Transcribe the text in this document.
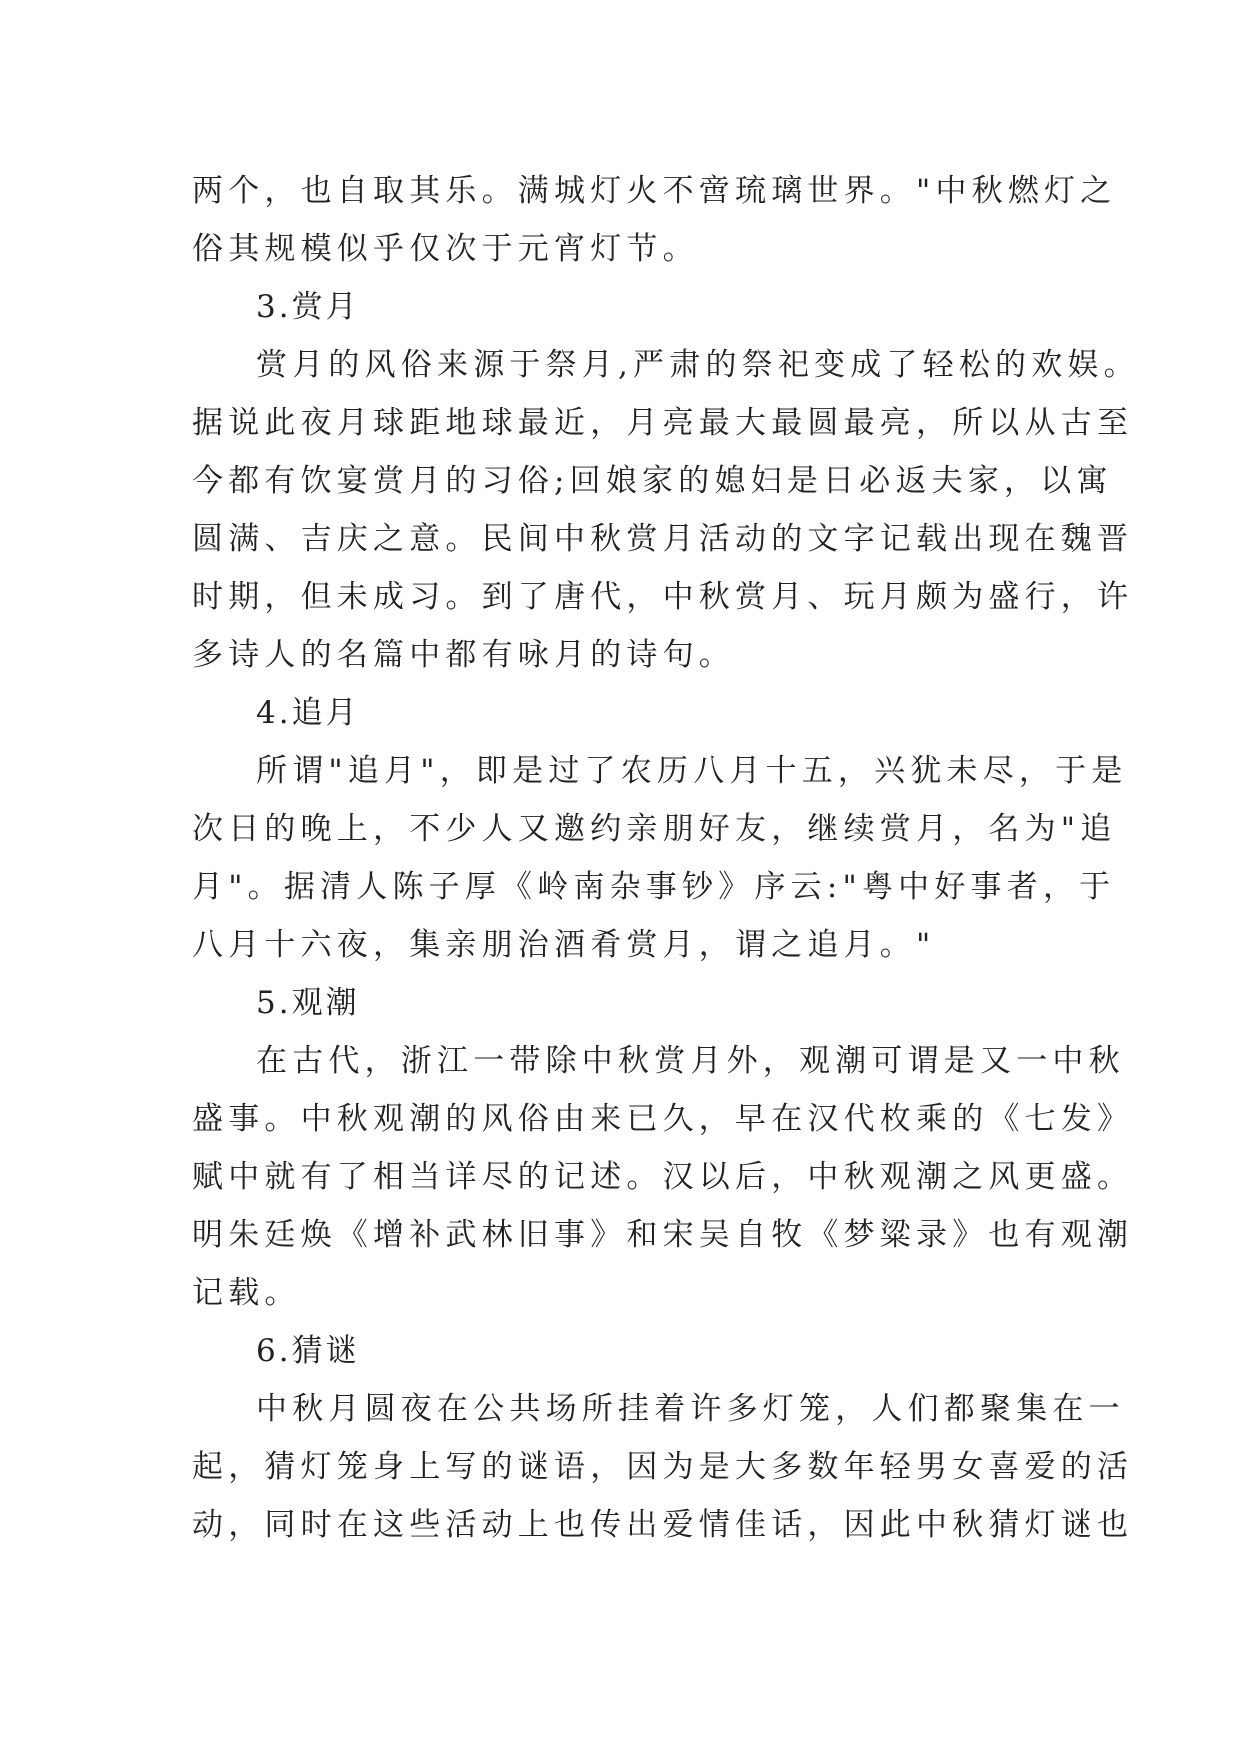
两个，也自取其乐。满城灯火不啻琉璃世界。"中秋燃灯之
俗其规模似乎仅次于元宵灯节。
3.赏月
赏月的风俗来源于祭月,严肃的祭祀变成了轻松的欢娱。
据说此夜月球距地球最近，月亮最大最圆最亮，所以从古至
今都有饮宴赏月的习俗;回娘家的媳妇是日必返夫家，以寓
圆满、吉庆之意。民间中秋赏月活动的文字记载出现在魏晋
时期，但未成习。到了唐代，中秋赏月、玩月颇为盛行，许
多诗人的名篇中都有咏月的诗句。
4.追月
所谓"追月"，即是过了农历八月十五，兴犹未尽，于是
次日的晚上，不少人又邀约亲朋好友，继续赏月，名为"追
月"。据清人陈子厚《岭南杂事钞》序云:"粤中好事者，于
八月十六夜，集亲朋治酒肴赏月，谓之追月。"
5.观潮
在古代，浙江一带除中秋赏月外，观潮可谓是又一中秋
盛事。中秋观潮的风俗由来已久，早在汉代枚乘的《七发》
赋中就有了相当详尽的记述。汉以后，中秋观潮之风更盛。
明朱廷焕《增补武林旧事》和宋吴自牧《梦粱录》也有观潮
记载。
6.猜谜
中秋月圆夜在公共场所挂着许多灯笼，人们都聚集在一
起，猜灯笼身上写的谜语，因为是大多数年轻男女喜爱的活
动，同时在这些活动上也传出爱情佳话，因此中秋猜灯谜也
